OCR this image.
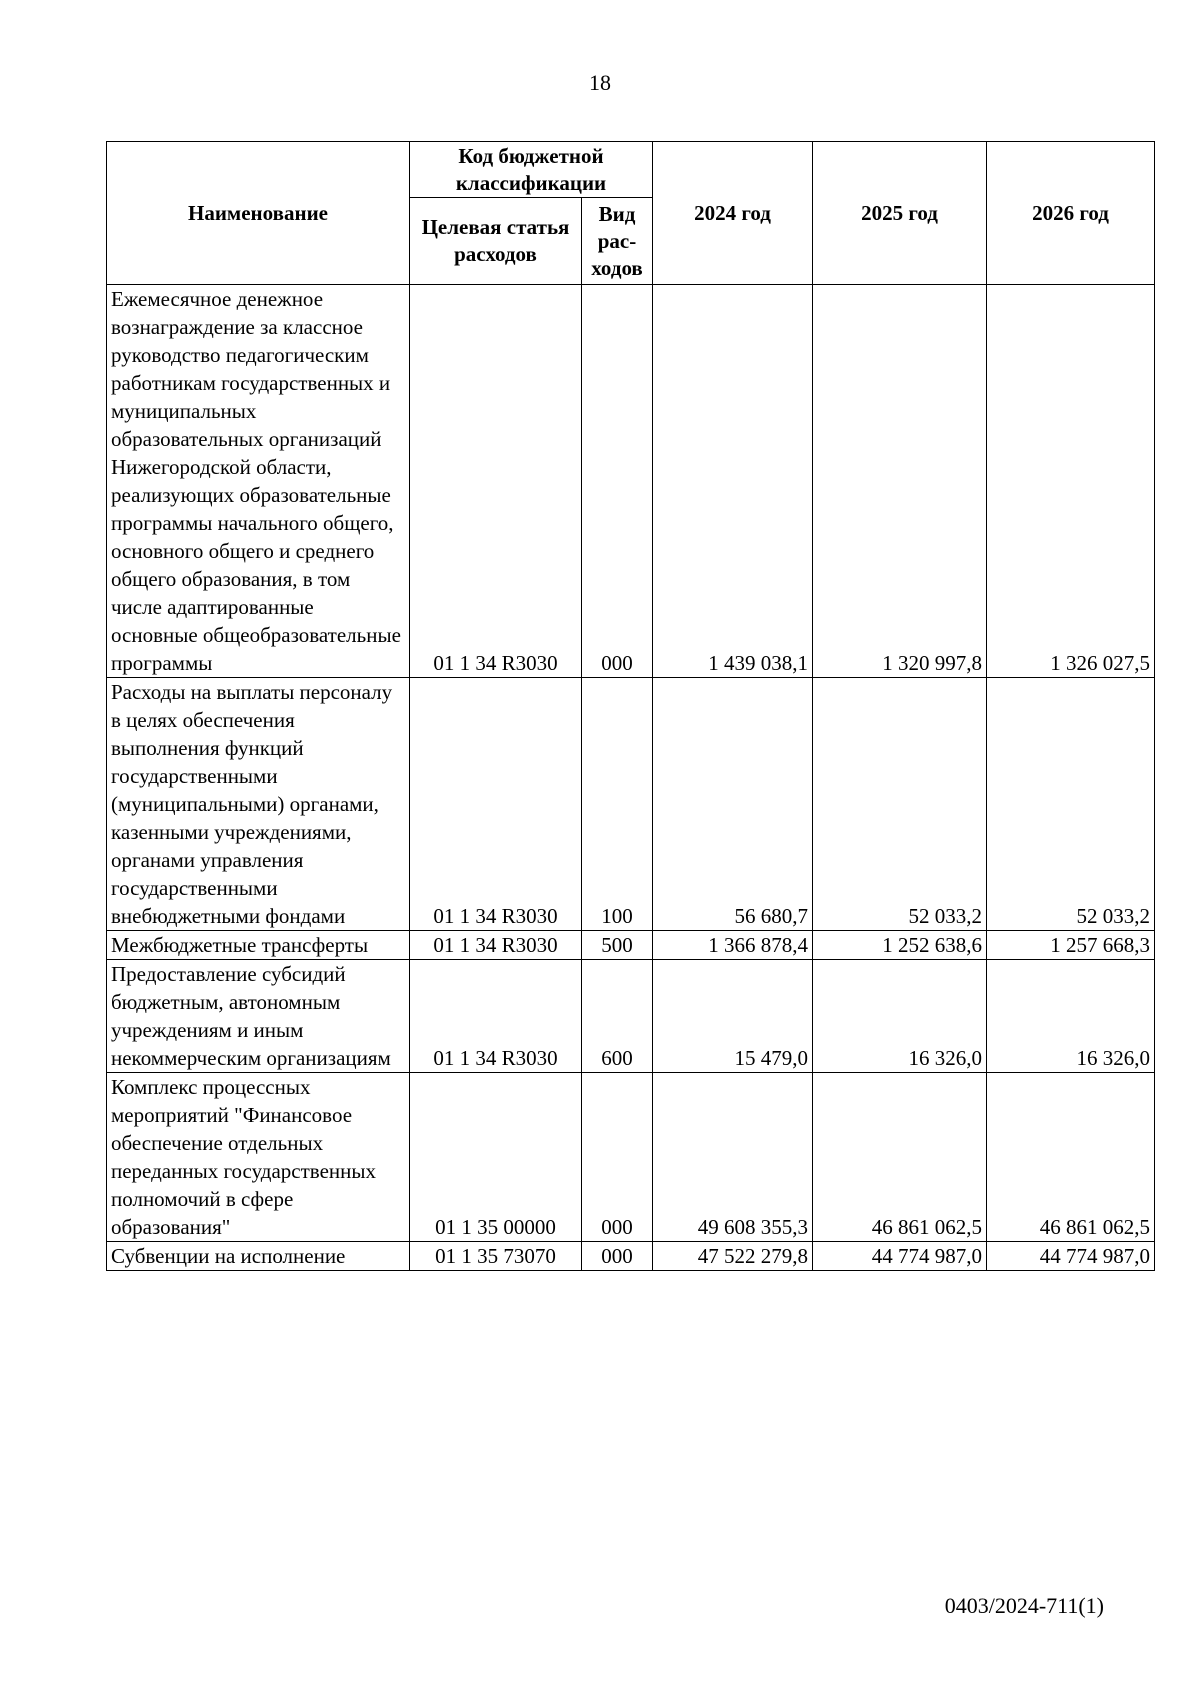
18
Наименование	Код бюджетной классификации		2024 год	2025 год	2026 год
	Целевая статья расходов	Вид рас-ходов			
Ежемесячное денежное вознаграждение за классное руководство педагогическим работникам государственных и муниципальных образовательных организаций Нижегородской области, реализующих образовательные программы начального общего, основного общего и среднего общего образования, в том числе адаптированные основные общеобразовательные программы	01 1 34 R3030	000	1 439 038,1	1 320 997,8	1 326 027,5
Расходы на выплаты персоналу в целях обеспечения выполнения функций государственными (муниципальными) органами, казенными учреждениями, органами управления государственными внебюджетными фондами	01 1 34 R3030	100	56 680,7	52 033,2	52 033,2
Межбюджетные трансферты	01 1 34 R3030	500	1 366 878,4	1 252 638,6	1 257 668,3
Предоставление субсидий бюджетным, автономным учреждениям и иным некоммерческим организациям	01 1 34 R3030	600	15 479,0	16 326,0	16 326,0
Комплекс процессных мероприятий "Финансовое обеспечение отдельных переданных государственных полномочий в сфере образования"	01 1 35 00000	000	49 608 355,3	46 861 062,5	46 861 062,5
Субвенции на исполнение	01 1 35 73070	000	47 522 279,8	44 774 987,0	44 774 987,0
0403/2024-711(1)
